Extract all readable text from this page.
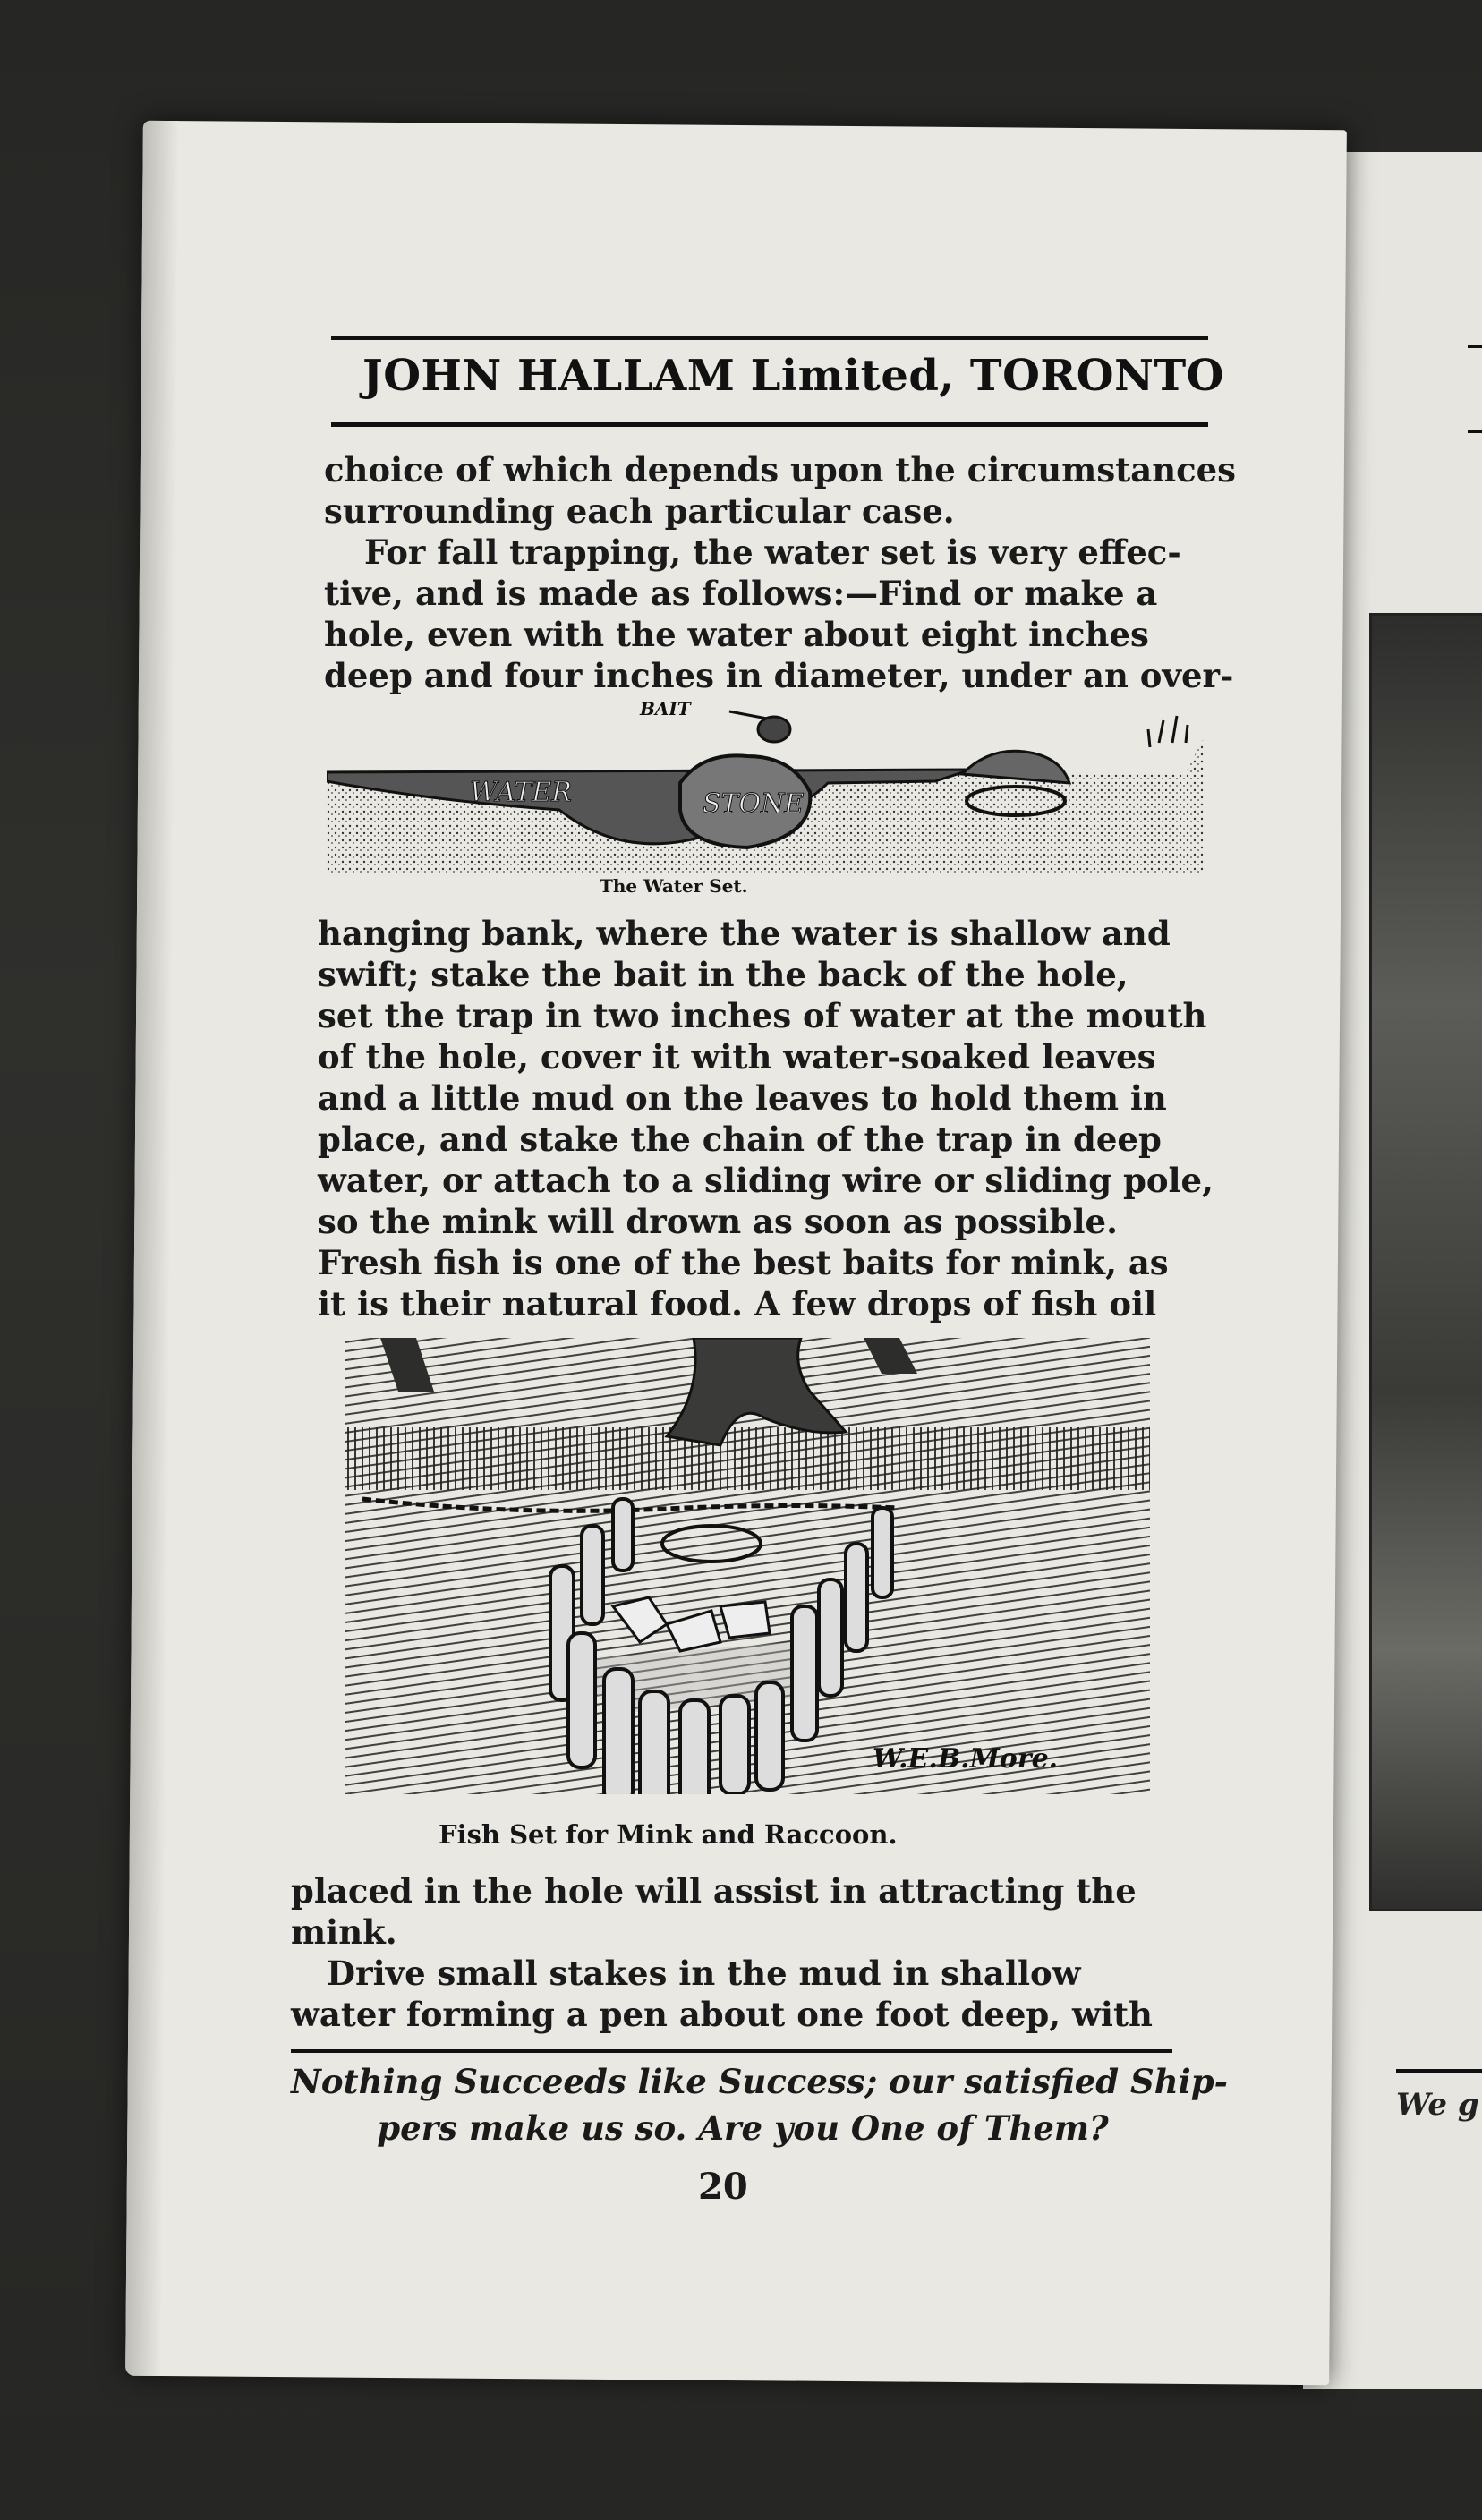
We g
JOHN HALLAM Limited, TORONTO
choice of which depends upon the circumstances
surrounding each particular case.
For fall trapping, the water set is very effec-
tive, and is made as follows:—Find or make a
hole, even with the water about eight inches
deep and four inches in diameter, under an over-
BAIT
WATER	STONE
The Water Set.
hanging bank, where the water is shallow and
swift; stake the bait in the back of the hole,
set the trap in two inches of water at the mouth
of the hole, cover it with water-soaked leaves
and a little mud on the leaves to hold them in
place, and stake the chain of the trap in deep
water, or attach to a sliding wire or sliding pole,
so the mink will drown as soon as possible.
Fresh fish is one of the best baits for mink, as
it is their natural food. A few drops of fish oil
W.E.B.More.
Fish Set for Mink and Raccoon.
placed in the hole will assist in attracting the
mink.
Drive small stakes in the mud in shallow
water forming a pen about one foot deep, with
Nothing Succeeds like Success; our satisfied Ship-
pers make us so. Are you One of Them?
20
